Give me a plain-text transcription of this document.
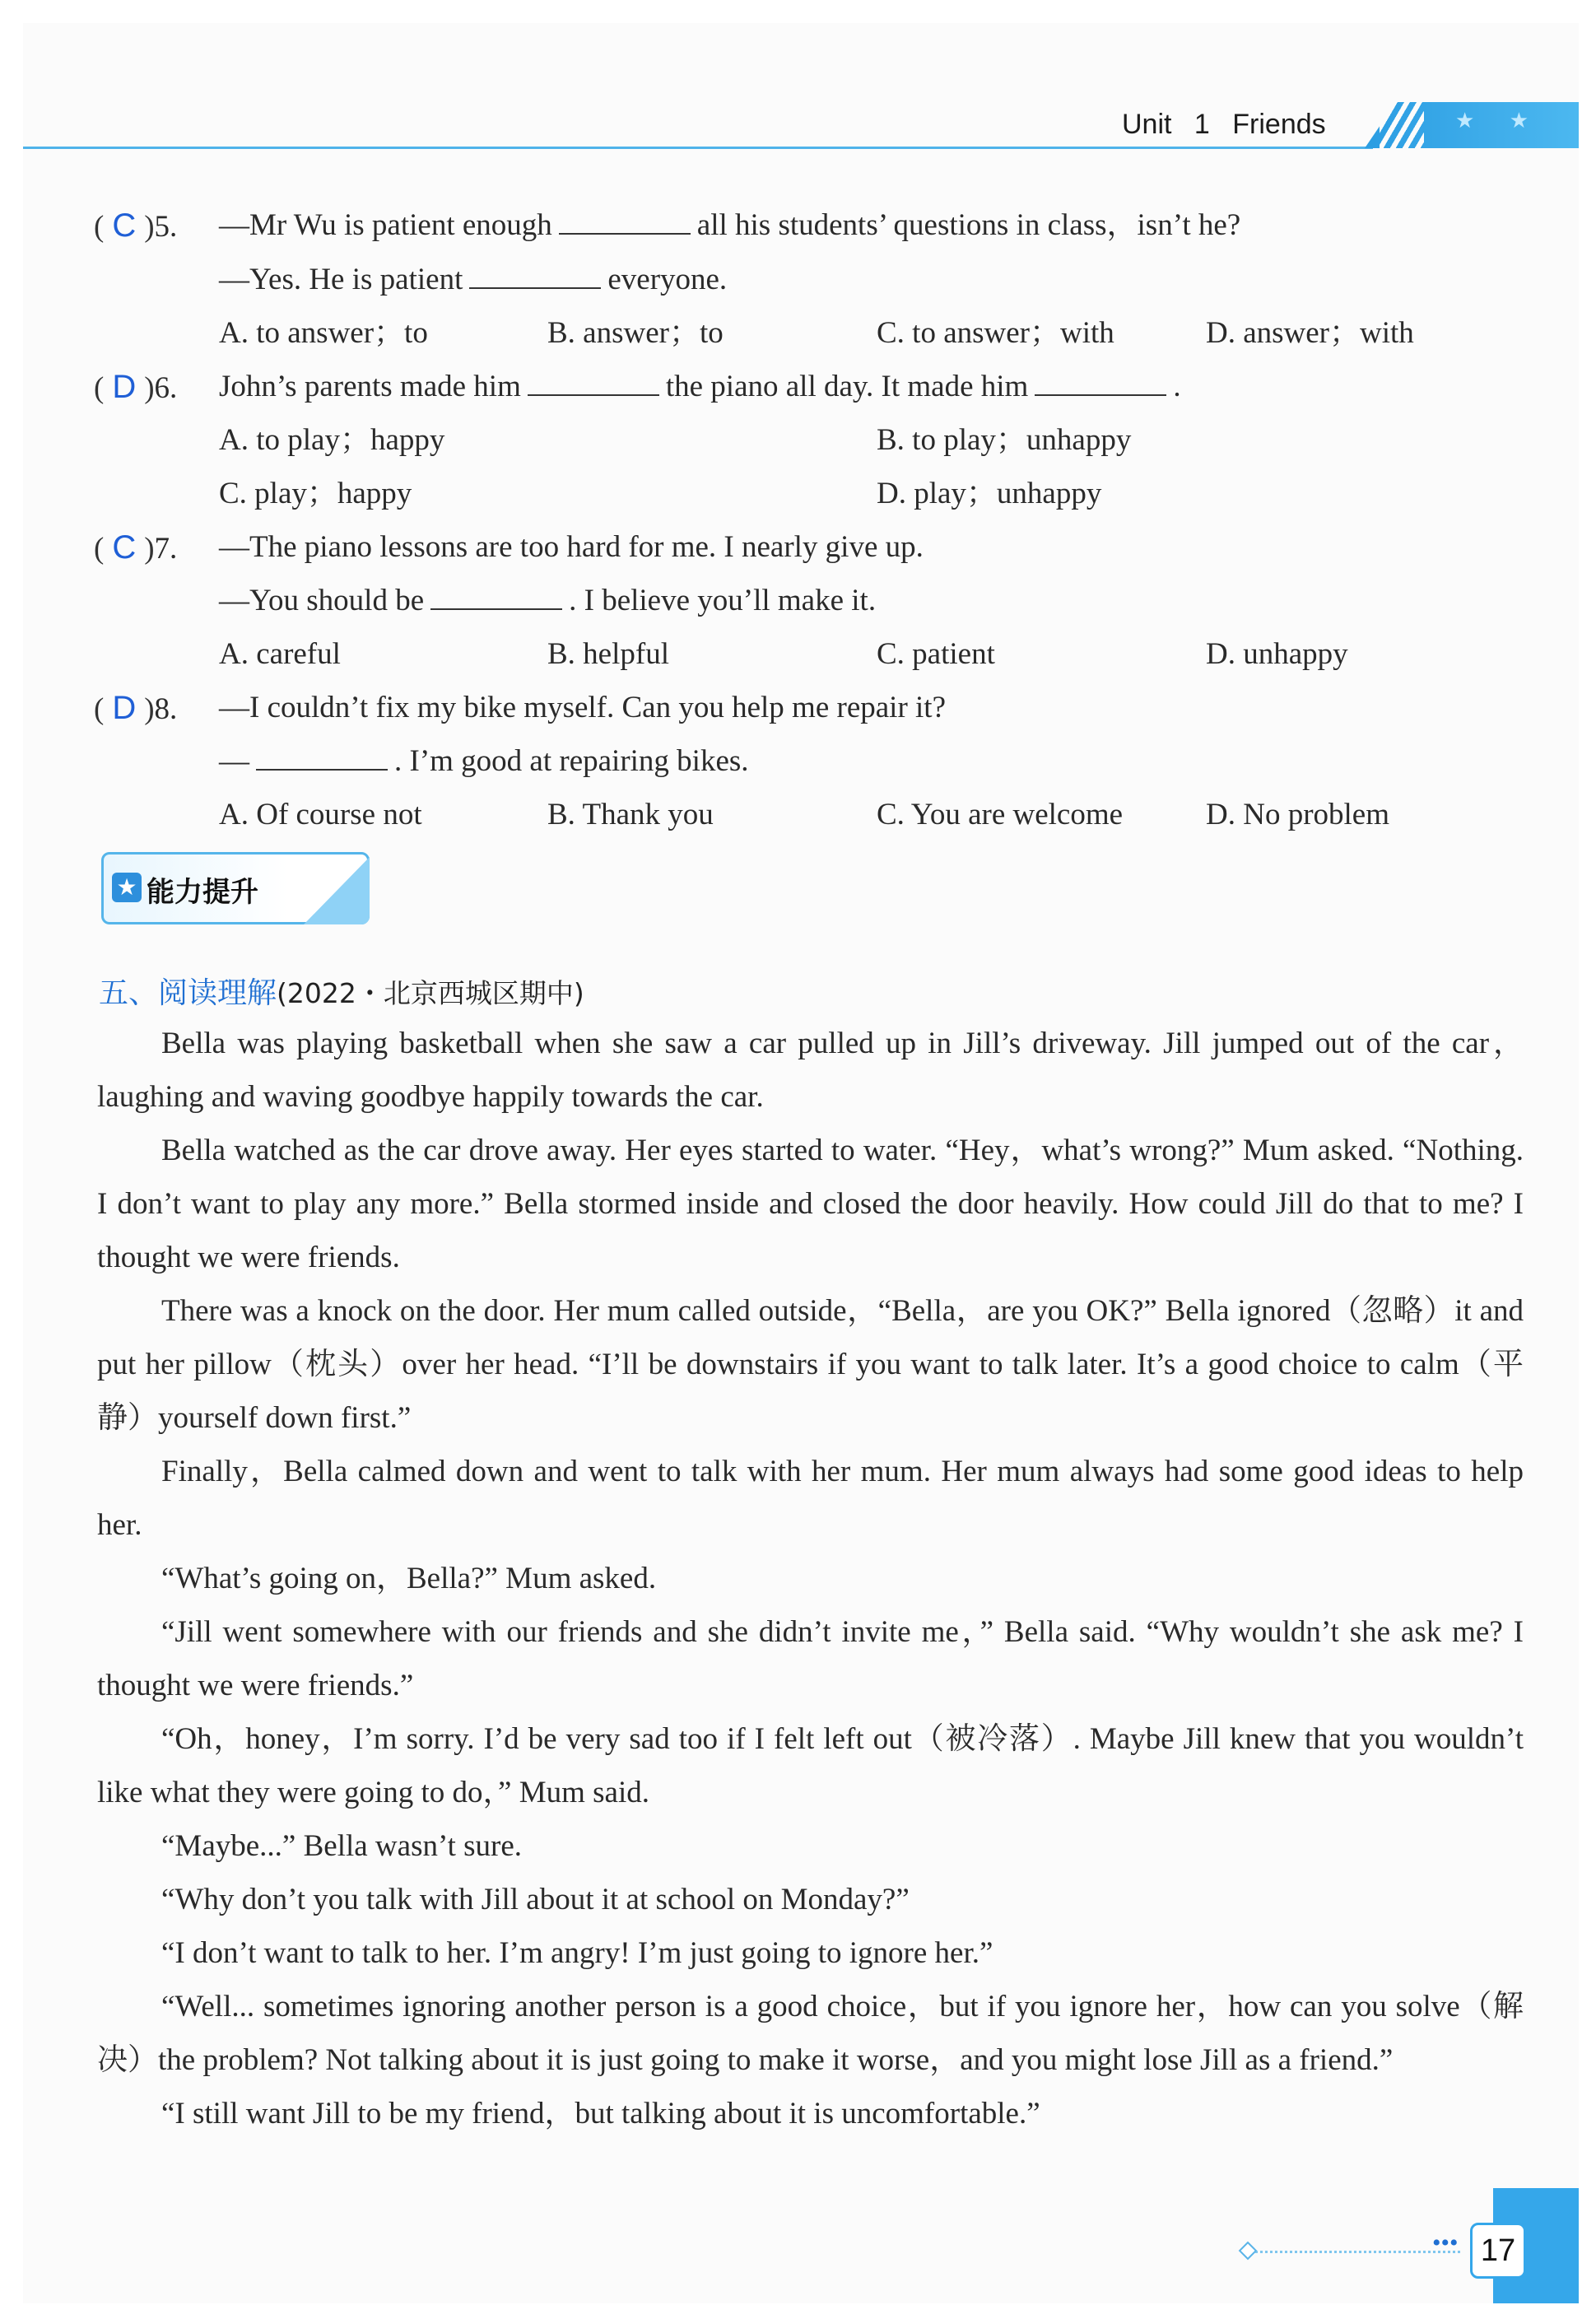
★ ★
Unit 1 Friends
( C )5. —Mr Wu is patient enough	all his students’ questions in class，isn’t he?
—Yes. He is patient	everyone.
A. to answer；to	B. answer；to	C. to answer；with	D. answer；with
( D )6. John’s parents made him	the piano all day. It made him	.
A. to play；happy	B. to play；unhappy
C. play；happy	D. play；unhappy
( C )7. —The piano lessons are too hard for me. I nearly give up.
—You should be	. I believe you’ll make it.
A. careful	B. helpful	C. patient	D. unhappy
( D )8. —I couldn’t fix my bike myself. Can you help me repair it?
—	. I’m good at repairing bikes.
A. Of course not	B. Thank you	C. You are welcome	D. No problem
★ 能力提升
五、阅读理解(2022・北京西城区期中)

Bella was playing basketball when she saw a car pulled up in Jill’s driveway. Jill jumped out of the car，laughing and waving goodbye happily towards the car.

Bella watched as the car drove away. Her eyes started to water. “Hey，what’s wrong?” Mum asked. “Nothing. I don’t want to play any more.” Bella stormed inside and closed the door heavily. How could Jill do that to me? I thought we were friends.

There was a knock on the door. Her mum called outside，“Bella，are you OK?” Bella ignored（忽略）it and put her pillow（枕头）over her head. “I’ll be downstairs if you want to talk later. It’s a good choice to calm（平静）yourself down first.”

Finally，Bella calmed down and went to talk with her mum. Her mum always had some good ideas to help her.

“What’s going on，Bella?” Mum asked.

“Jill went somewhere with our friends and she didn’t invite me，” Bella said. “Why wouldn’t she ask me? I thought we were friends.”

“Oh，honey，I’m sorry. I’d be very sad too if I felt left out（被冷落）. Maybe Jill knew that you wouldn’t like what they were going to do，” Mum said.

“Maybe...” Bella wasn’t sure.

“Why don’t you talk with Jill about it at school on Monday?”

“I don’t want to talk to her. I’m angry! I’m just going to ignore her.”

“Well... sometimes ignoring another person is a good choice，but if you ignore her，how can you solve（解决）the problem? Not talking about it is just going to make it worse，and you might lose Jill as a friend.”

“I still want Jill to be my friend，but talking about it is uncomfortable.”

••• 17
